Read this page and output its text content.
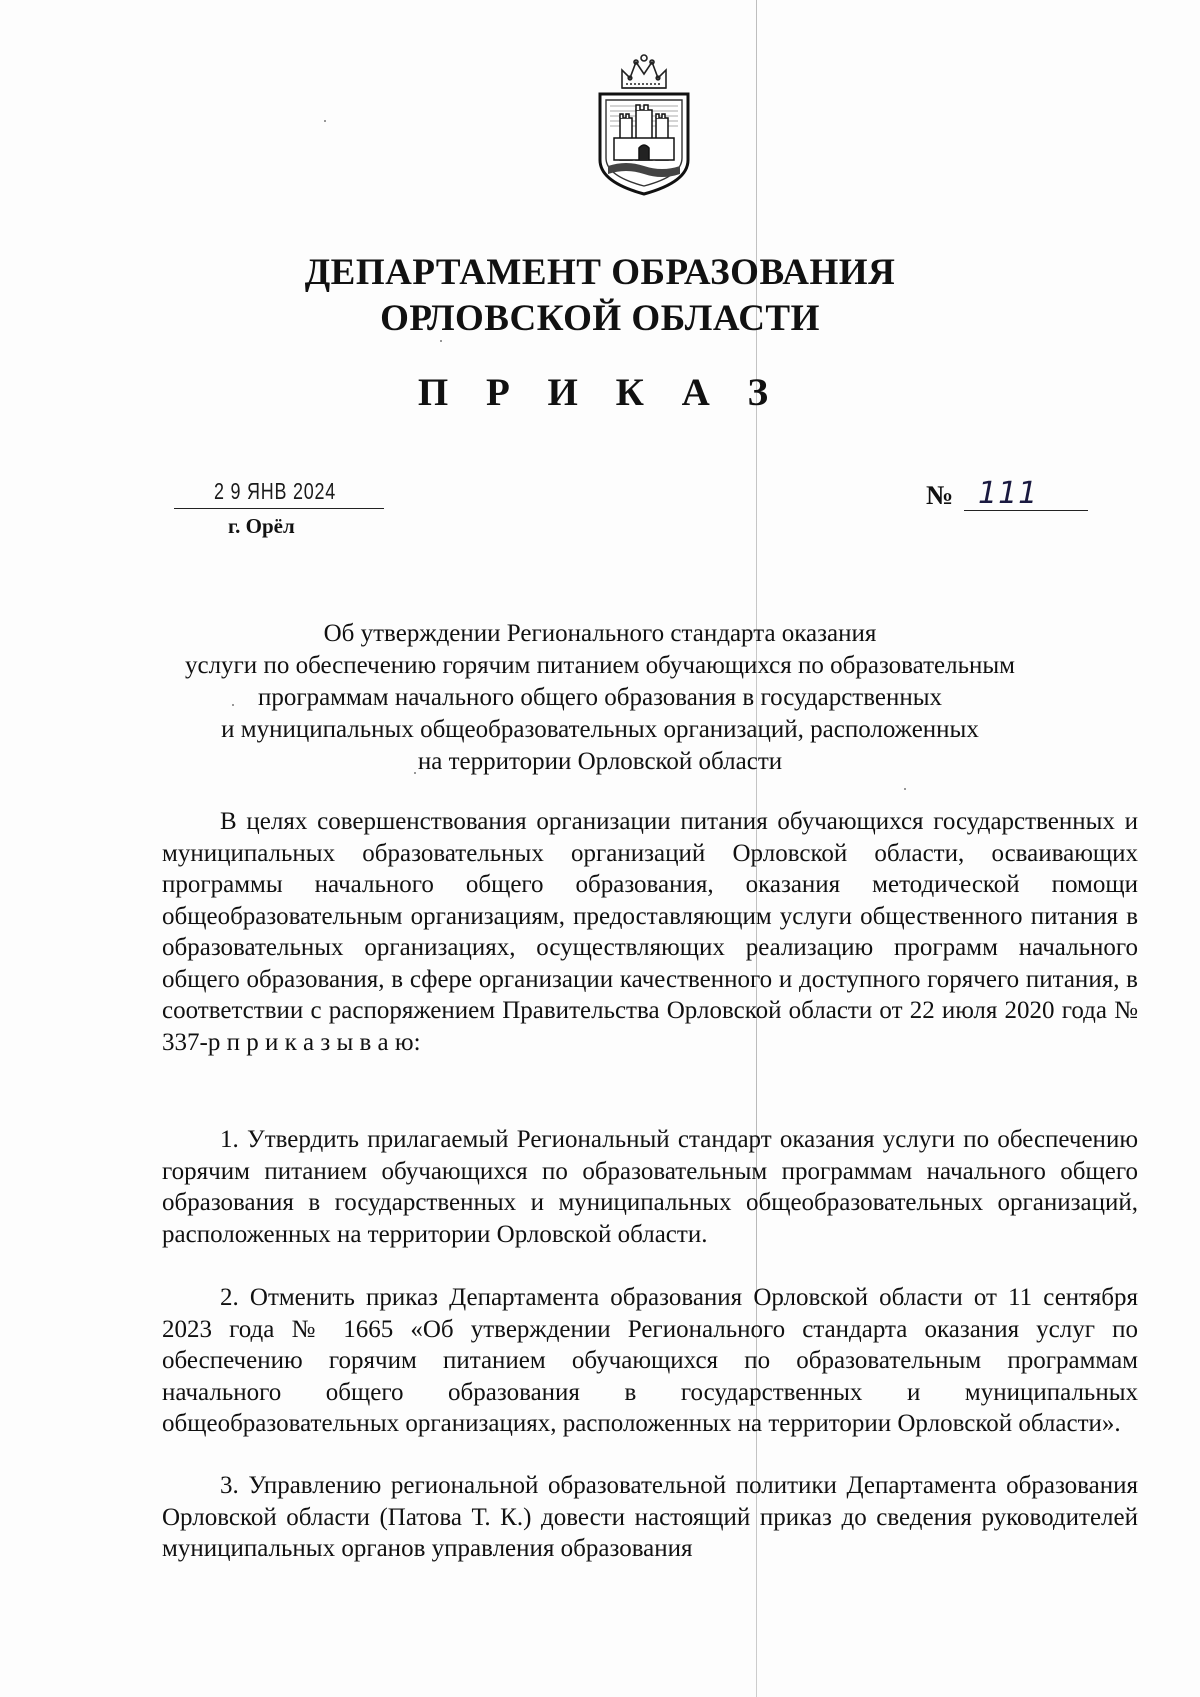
ДЕПАРТАМЕНТ ОБРАЗОВАНИЯ
ОРЛОВСКОЙ ОБЛАСТИ
П Р И К А З
2 9 ЯНВ 2024
г. Орёл
№ 111
Об утверждении Регионального стандарта оказания
услуги по обеспечению горячим питанием обучающихся по образовательным
программам начального общего образования в государственных
и муниципальных общеобразовательных организаций, расположенных
на территории Орловской области
В целях совершенствования организации питания обучающихся государственных и муниципальных образовательных организаций Орловской области, осваивающих программы начального общего образования, оказания методической помощи общеобразовательным организациям, предоставляющим услуги общественного питания в образовательных организациях, осуществляющих реализацию программ начального общего образования, в сфере организации качественного и доступного горячего питания, в соответствии с распоряжением Правительства Орловской области от 22 июля 2020 года № 337-р п р и к а з ы в а ю:
1. Утвердить прилагаемый Региональный стандарт оказания услуги по обеспечению горячим питанием обучающихся по образовательным программам начального общего образования в государственных и муниципальных общеобразовательных организаций, расположенных на территории Орловской области.
2. Отменить приказ Департамента образования Орловской области от 11 сентября 2023 года № 1665 «Об утверждении Регионального стандарта оказания услуг по обеспечению горячим питанием обучающихся по образовательным программам начального общего образования в государственных и муниципальных общеобразовательных организациях, расположенных на территории Орловской области».
3. Управлению региональной образовательной политики Департамента образования Орловской области (Патова Т. К.) довести настоящий приказ до сведения руководителей муниципальных органов управления образования
